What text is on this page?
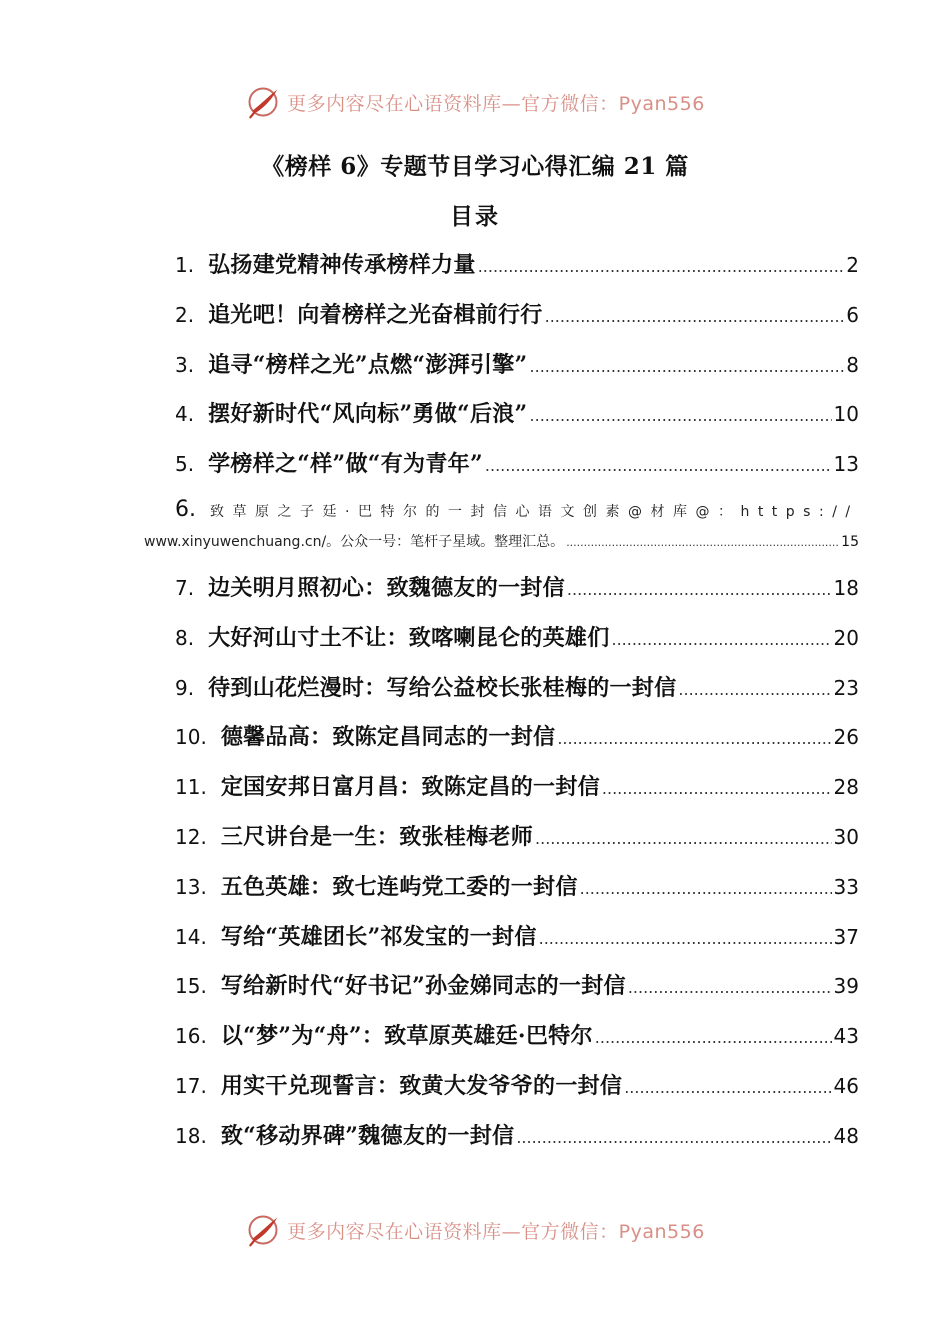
更多内容尽在心语资料库—官方微信：Pyan556
《榜样 6》专题节目学习心得汇编 21 篇
目录
1. 弘扬建党精神传承榜样力量 .....	2
2. 追光吧！向着榜样之光奋楫前行行 .....	6
3. 追寻“榜样之光”点燃“澎湃引擎” .....	8
4. 摆好新时代“风向标”勇做“后浪” .....	10
5. 学榜样之“样”做“有为青年” .....	13
6.	致草原之子廷·巴特尔的一封信心语文创素@材库@：https://
www.xinyuwenchuang.cn/。公众一号：笔杆子星域。整理汇总。 .....	15
7. 边关明月照初心：致魏德友的一封信 .....	18
8. 大好河山寸土不让：致喀喇昆仑的英雄们 .....	20
9. 待到山花烂漫时：写给公益校长张桂梅的一封信 .....	23
10. 德馨品高：致陈定昌同志的一封信 .....	26
11. 定国安邦日富月昌：致陈定昌的一封信 .....	28
12. 三尺讲台是一生：致张桂梅老师 .....	30
13. 五色英雄：致七连屿党工委的一封信 .....	33
14. 写给“英雄团长”祁发宝的一封信 .....	37
15. 写给新时代“好书记”孙金娣同志的一封信 .....	39
16. 以“梦”为“舟”：致草原英雄廷·巴特尔 .....	43
17. 用实干兑现誓言：致黄大发爷爷的一封信 .....	46
18. 致“移动界碑”魏德友的一封信 .....	48
更多内容尽在心语资料库—官方微信：Pyan556
